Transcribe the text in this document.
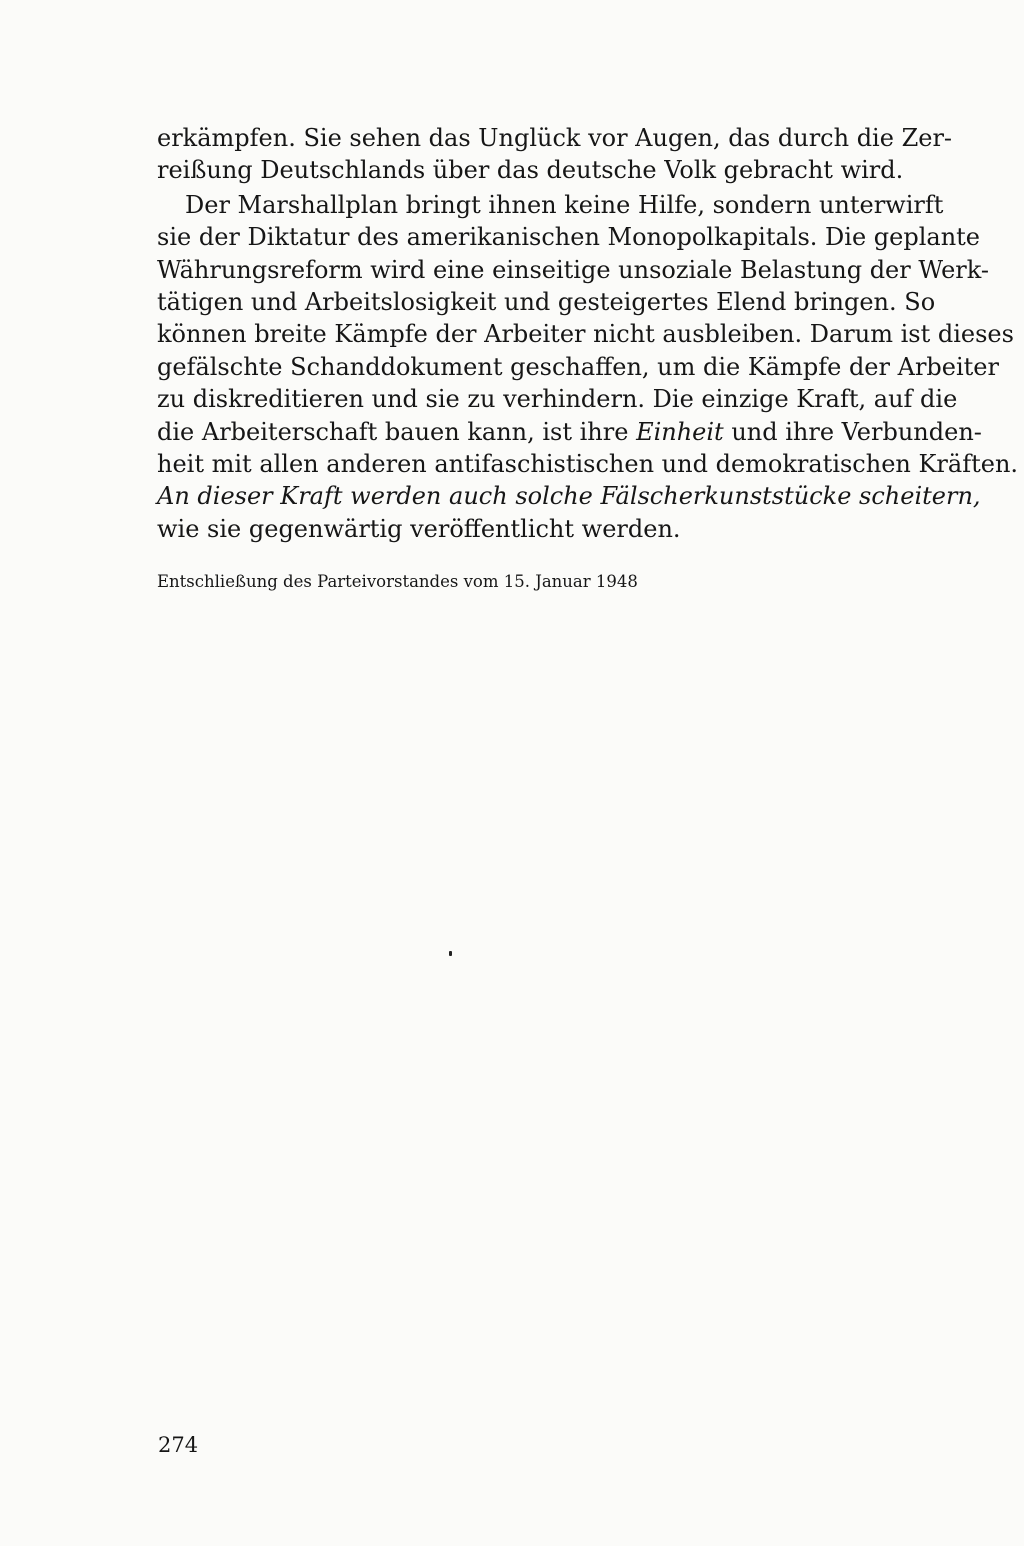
erkämpfen. Sie sehen das Unglück vor Augen, das durch die Zer-
reißung Deutschlands über das deutsche Volk gebracht wird.

Der Marshallplan bringt ihnen keine Hilfe, sondern unterwirft
sie der Diktatur des amerikanischen Monopolkapitals. Die geplante
Währungsreform wird eine einseitige unsoziale Belastung der Werk-
tätigen und Arbeitslosigkeit und gesteigertes Elend bringen. So
können breite Kämpfe der Arbeiter nicht ausbleiben. Darum ist dieses
gefälschte Schanddokument geschaffen, um die Kämpfe der Arbeiter
zu diskreditieren und sie zu verhindern. Die einzige Kraft, auf die
die Arbeiterschaft bauen kann, ist ihre Einheit und ihre Verbunden-
heit mit allen anderen antifaschistischen und demokratischen Kräften.
An dieser Kraft werden auch solche Fälscherkunststücke scheitern,
wie sie gegenwärtig veröffentlicht werden.

Entschließung des Parteivorstandes vom 15. Januar 1948
274
